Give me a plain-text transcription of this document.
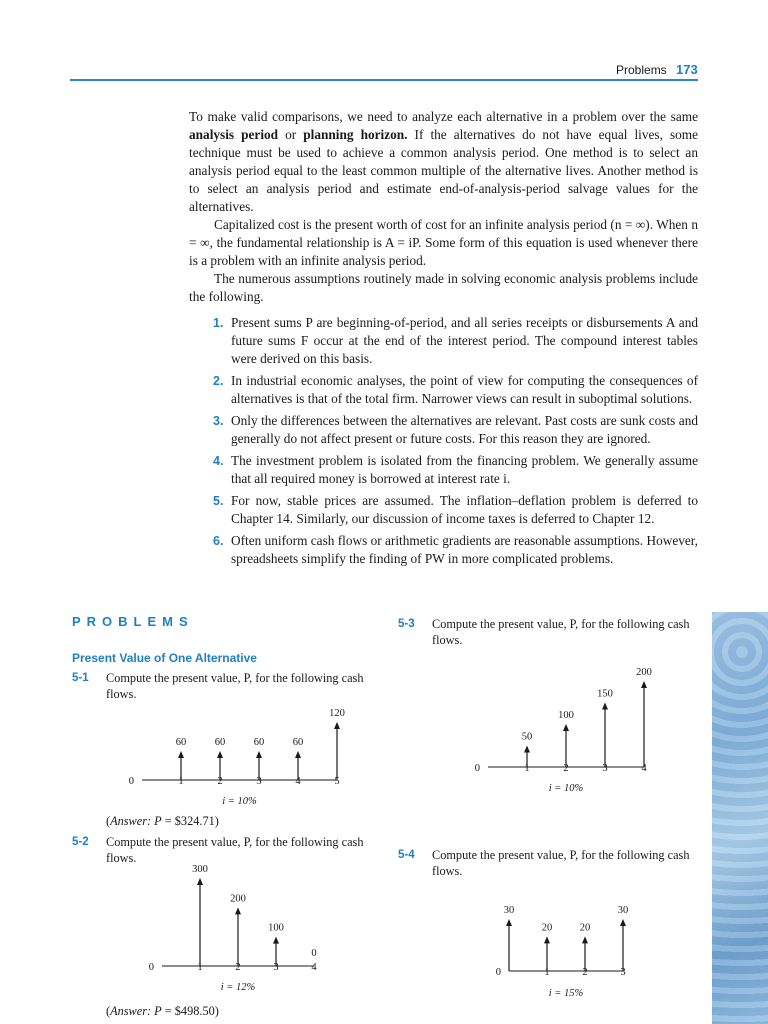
Problems 173

To make valid comparisons, we need to analyze each alternative in a problem over the same analysis period or planning horizon. If the alternatives do not have equal lives, some technique must be used to achieve a common analysis period. One method is to select an analysis period equal to the least common multiple of the alternative lives. Another method is to select an analysis period and estimate end-of-analysis-period salvage values for the alternatives.

Capitalized cost is the present worth of cost for an infinite analysis period (n = ∞). When n = ∞, the fundamental relationship is A = iP. Some form of this equation is used whenever there is a problem with an infinite analysis period.

The numerous assumptions routinely made in solving economic analysis problems include the following.

1. Present sums P are beginning-of-period, and all series receipts or disbursements A and future sums F occur at the end of the interest period. The compound interest tables were derived on this basis.
2. In industrial economic analyses, the point of view for computing the consequences of alternatives is that of the total firm. Narrower views can result in suboptimal solutions.
3. Only the differences between the alternatives are relevant. Past costs are sunk costs and generally do not affect present or future costs. For this reason they are ignored.
4. The investment problem is isolated from the financing problem. We generally assume that all required money is borrowed at interest rate i.
5. For now, stable prices are assumed. The inflation–deflation problem is deferred to Chapter 14. Similarly, our discussion of income taxes is deferred to Chapter 12.
6. Often uniform cash flows or arithmetic gradients are reasonable assumptions. However, spreadsheets simplify the finding of PW in more complicated problems.
PROBLEMS
Present Value of One Alternative
5-1 Compute the present value, P, for the following cash flows.
0	1
60
2
60
3
60
4
60
5
120
i = 10%
(Answer: P = $324.71)
5-2 Compute the present value, P, for the following cash flows.
0	1
300
2
200
3
100
4
0
i = 12%
(Answer: P = $498.50)
5-3 Compute the present value, P, for the following cash flows.
0	1
50
2
100
3
150
4
200
i = 10%
5-4 Compute the present value, P, for the following cash flows.
0
30
1
20
2
20
3
30
i = 15%
